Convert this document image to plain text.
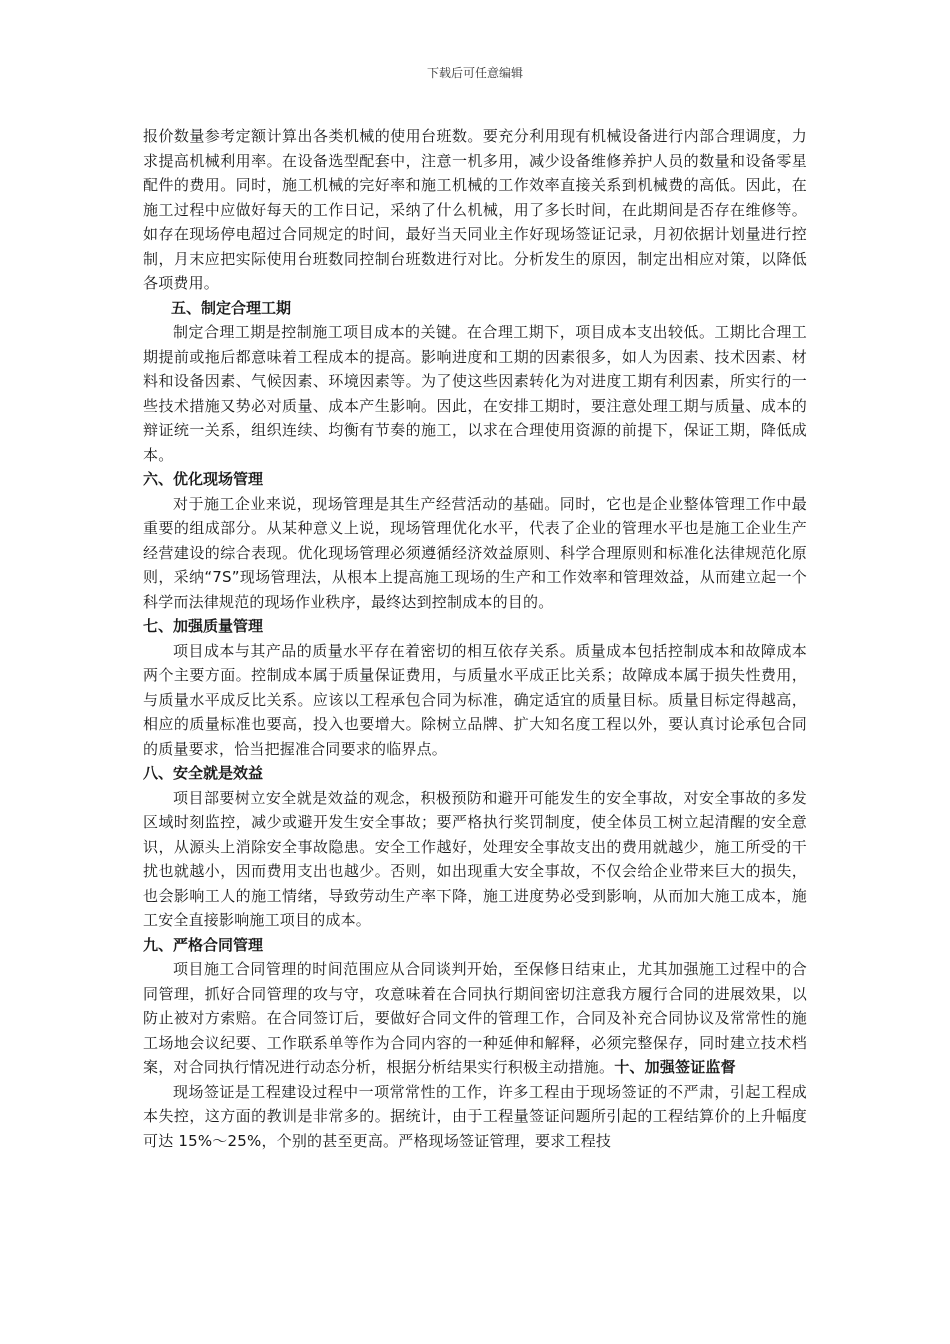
下载后可任意编辑

报价数量参考定额计算出各类机械的使用台班数。要充分利用现有机械设备进行内部合理调度，力求提高机械利用率。在设备选型配套中，注意一机多用，减少设备维修养护人员的数量和设备零星配件的费用。同时，施工机械的完好率和施工机械的工作效率直接关系到机械费的高低。因此，在施工过程中应做好每天的工作日记，采纳了什么机械，用了多长时间，在此期间是否存在维修等。如存在现场停电超过合同规定的时间，最好当天同业主作好现场签证记录，月初依据计划量进行控制，月末应把实际使用台班数同控制台班数进行对比。分析发生的原因，制定出相应对策，以降低各项费用。

五、制定合理工期

制定合理工期是控制施工项目成本的关键。在合理工期下，项目成本支出较低。工期比合理工期提前或拖后都意味着工程成本的提高。影响进度和工期的因素很多，如人为因素、技术因素、材料和设备因素、气候因素、环境因素等。为了使这些因素转化为对进度工期有利因素，所实行的一些技术措施又势必对质量、成本产生影响。因此，在安排工期时，要注意处理工期与质量、成本的辩证统一关系，组织连续、均衡有节奏的施工，以求在合理使用资源的前提下，保证工期，降低成本。

六、优化现场管理

对于施工企业来说，现场管理是其生产经营活动的基础。同时，它也是企业整体管理工作中最重要的组成部分。从某种意义上说，现场管理优化水平，代表了企业的管理水平也是施工企业生产经营建设的综合表现。优化现场管理必须遵循经济效益原则、科学合理原则和标准化法律规范化原则，采纳“7S”现场管理法，从根本上提高施工现场的生产和工作效率和管理效益，从而建立起一个科学而法律规范的现场作业秩序，最终达到控制成本的目的。

七、加强质量管理

项目成本与其产品的质量水平存在着密切的相互依存关系。质量成本包括控制成本和故障成本两个主要方面。控制成本属于质量保证费用，与质量水平成正比关系；故障成本属于损失性费用，与质量水平成反比关系。应该以工程承包合同为标准，确定适宜的质量目标。质量目标定得越高，相应的质量标准也要高，投入也要增大。除树立品牌、扩大知名度工程以外，要认真讨论承包合同的质量要求，恰当把握准合同要求的临界点。

八、安全就是效益

项目部要树立安全就是效益的观念，积极预防和避开可能发生的安全事故，对安全事故的多发区域时刻监控，减少或避开发生安全事故；要严格执行奖罚制度，使全体员工树立起清醒的安全意识，从源头上消除安全事故隐患。安全工作越好，处理安全事故支出的费用就越少，施工所受的干扰也就越小，因而费用支出也越少。否则，如出现重大安全事故，不仅会给企业带来巨大的损失，也会影响工人的施工情绪，导致劳动生产率下降，施工进度势必受到影响，从而加大施工成本，施工安全直接影响施工项目的成本。

九、严格合同管理

项目施工合同管理的时间范围应从合同谈判开始，至保修日结束止，尤其加强施工过程中的合同管理，抓好合同管理的攻与守，攻意味着在合同执行期间密切注意我方履行合同的进展效果，以防止被对方索赔。在合同签订后，要做好合同文件的管理工作，合同及补充合同协议及常常性的施工场地会议纪要、工作联系单等作为合同内容的一种延伸和解释，必须完整保存，同时建立技术档案，对合同执行情况进行动态分析，根据分析结果实行积极主动措施。十、加强签证监督

现场签证是工程建设过程中一项常常性的工作，许多工程由于现场签证的不严肃，引起工程成本失控，这方面的教训是非常多的。据统计，由于工程量签证问题所引起的工程结算价的上升幅度可达 15%～25%，个别的甚至更高。严格现场签证管理，要求工程技
